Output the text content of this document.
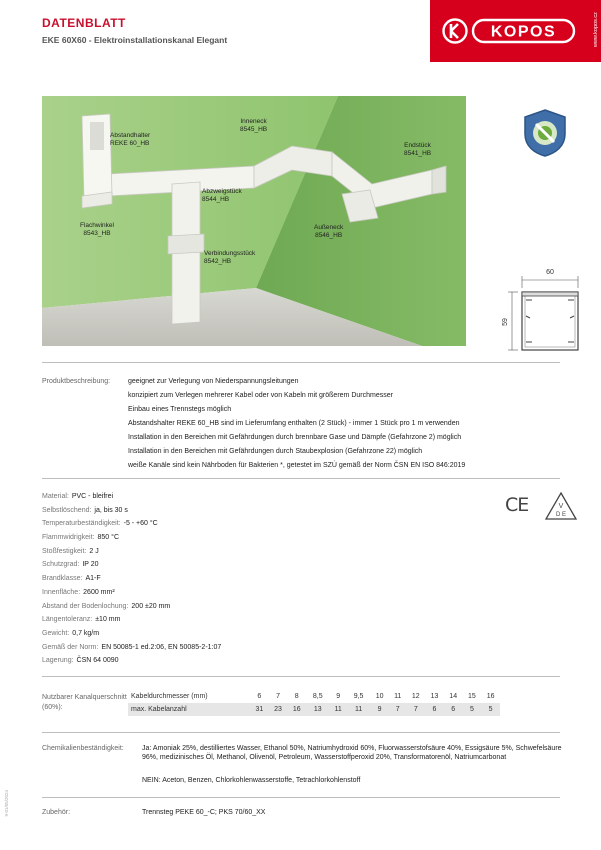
DATENBLATT
EKE 60X60 - Elektroinstallationskanal Elegant	KOPOS	www.kopos.cz
Abstandhalter
REKE 60_HB
Inneneck
8545_HB
Endstück
8541_HB
Abzweigstück
8544_HB
Flachwinkel
8543_HB
Außeneck
8546_HB
Verbindungsstück
8542_HB
60
59
Produktbeschreibung:	geeignet zur Verlegung von Niederspannungsleitungen
konzipiert zum Verlegen mehrerer Kabel oder von Kabeln mit größerem Durchmesser
Einbau eines Trennstegs möglich
Abstandshalter REKE 60_HB sind im Lieferumfang enthalten (2 Stück) - immer 1 Stück pro 1 m verwenden
Installation in den Bereichen mit Gefährdungen durch brennbare Gase und Dämpfe (Gefahrzone 2) möglich
Installation in den Bereichen mit Gefährdungen durch Staubexplosion (Gefahrzone 22) möglich
weiße Kanäle sind kein Nährboden für Bakterien *, getestet im SZÚ gemäß der Norm ČSN EN ISO 846:2019
Material: PVC - bleifrei
Selbstlöschend: ja, bis 30 s
Temperaturbeständigkeit: -5 - +60 °C
Flammwidrigkeit: 850 °C
Stoßfestigkeit: 2 J
Schutzgrad: IP 20
Brandklasse: A1-F
Innenfläche: 2600 mm²
Abstand der Bodenlochung: 200 ±20 mm
Längentoleranz: ±10 mm
Gewicht: 0,7 kg/m
Gemäß der Norm: EN 50085-1 ed.2:06, EN 50085-2-1:07
Lagerung: ČSN 64 0090
CE	V
D E
Nutzbarer Kanalquerschnitt (60%):
Kabeldurchmesser (mm)	6	7	8	8,5	9	9,5	10	11	12	13	14	15	16
max. Kabelanzahl	31	23	16	13	11	11	9	7	7	6	6	5	5
Chemikalienbeständigkeit:	Ja: Amoniak 25%, destilliertes Wasser, Ethanol 50%, Natriumhydroxid 60%, Fluorwasserstofsäure 40%, Essigsäure 5%, Schwefelsäure 96%, medizinisches Öl, Methanol, Olivenöl, Petroleum, Wasserstoffperoxid 20%, Transformatorenöl, Natriumcarbonat
NEIN: Aceton, Benzen, Chlorkohlenwasserstoffe, Tetrachlorkohlenstoff
Zubehör:	Trennsteg PEKE 60_-C; PKS 70/60_XX
9-01/05/2024
